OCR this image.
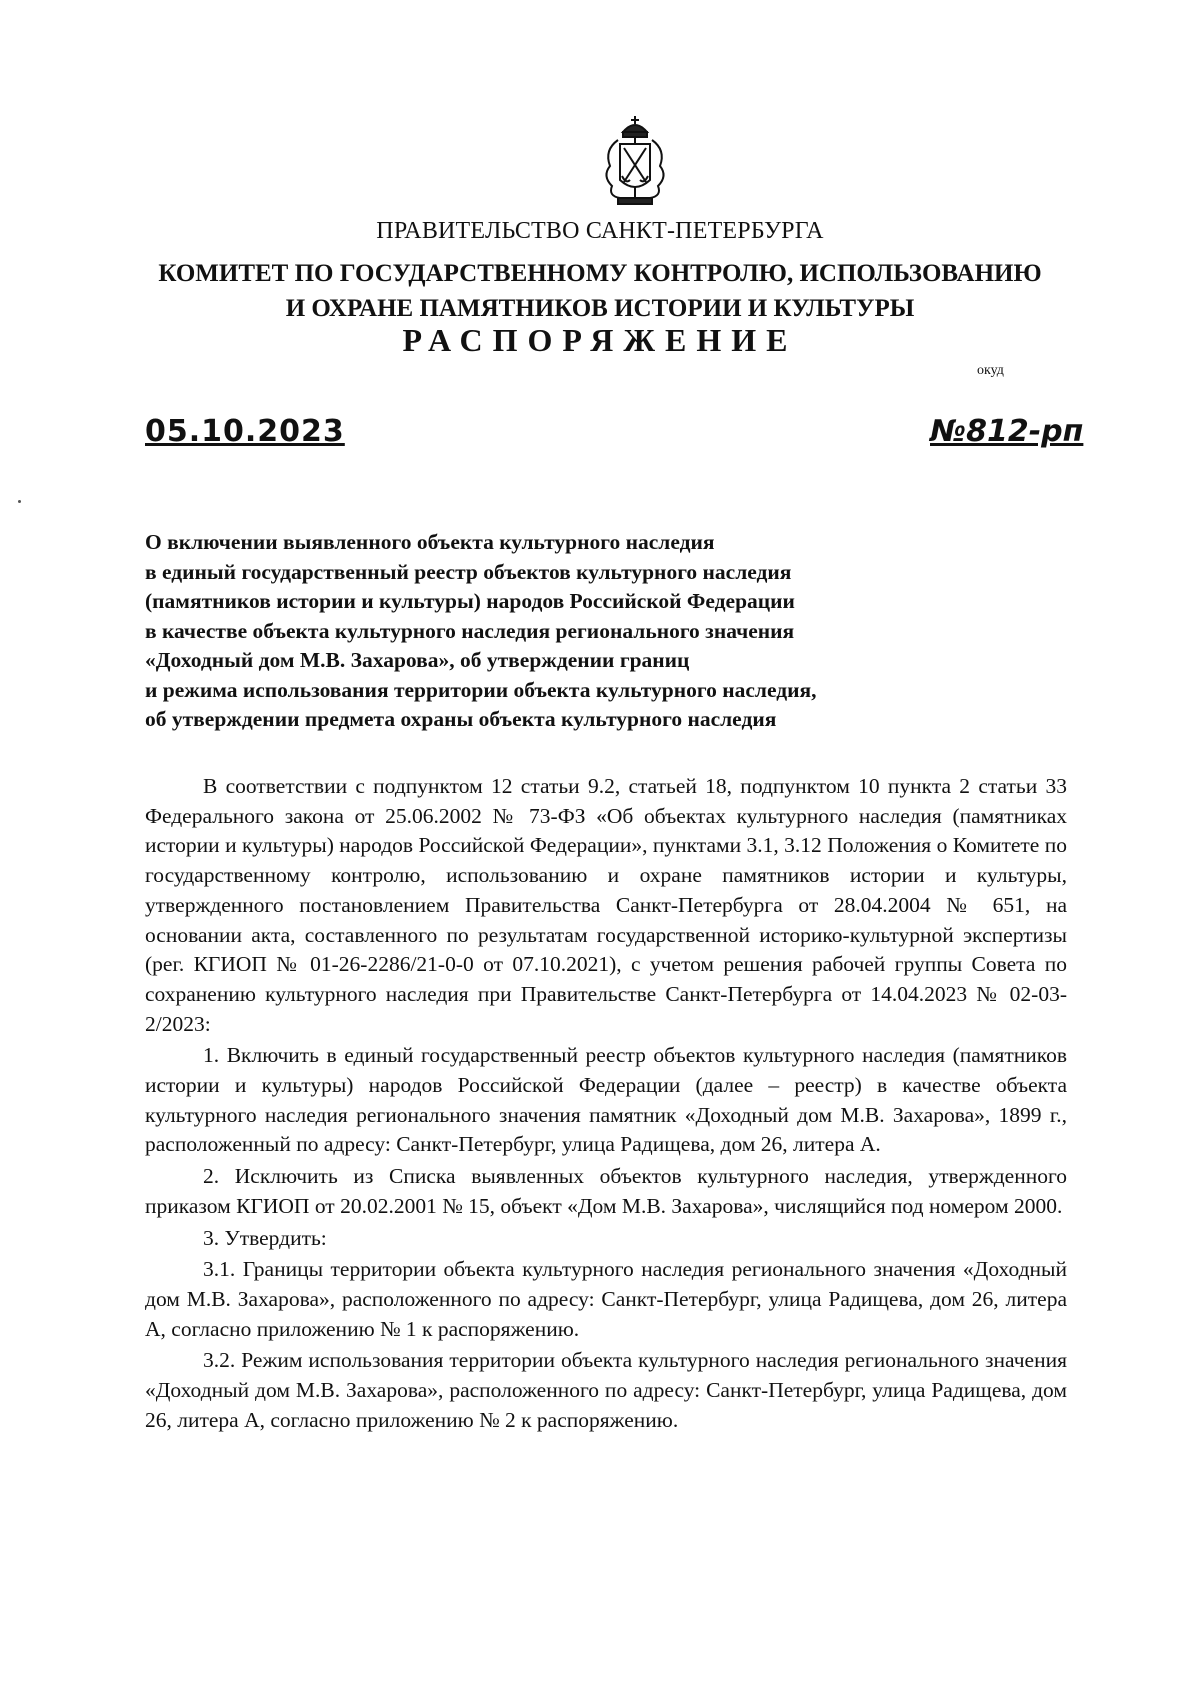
ПРАВИТЕЛЬСТВО САНКТ-ПЕТЕРБУРГА
КОМИТЕТ ПО ГОСУДАРСТВЕННОМУ КОНТРОЛЮ, ИСПОЛЬЗОВАНИЮ
И ОХРАНЕ ПАМЯТНИКОВ ИСТОРИИ И КУЛЬТУРЫ
РАСПОРЯЖЕНИЕ
окуд
05.10.2023	№812-рп
О включении выявленного объекта культурного наследия
в единый государственный реестр объектов культурного наследия
(памятников истории и культуры) народов Российской Федерации
в качестве объекта культурного наследия регионального значения
«Доходный дом М.В. Захарова», об утверждении границ
и режима использования территории объекта культурного наследия,
об утверждении предмета охраны объекта культурного наследия

В соответствии с подпунктом 12 статьи 9.2, статьей 18, подпунктом 10 пункта 2 статьи 33 Федерального закона от 25.06.2002 № 73-ФЗ «Об объектах культурного наследия (памятниках истории и культуры) народов Российской Федерации», пунктами 3.1, 3.12 Положения о Комитете по государственному контролю, использованию и охране памятников истории и культуры, утвержденного постановлением Правительства Санкт-Петербурга от 28.04.2004 № 651, на основании акта, составленного по результатам государственной историко-культурной экспертизы (рег. КГИОП № 01-26-2286/21-0-0 от 07.10.2021), с учетом решения рабочей группы Совета по сохранению культурного наследия при Правительстве Санкт-Петербурга от 14.04.2023 № 02-03-2/2023:

1. Включить в единый государственный реестр объектов культурного наследия (памятников истории и культуры) народов Российской Федерации (далее – реестр) в качестве объекта культурного наследия регионального значения памятник «Доходный дом М.В. Захарова», 1899 г., расположенный по адресу: Санкт-Петербург, улица Радищева, дом 26, литера А.

2. Исключить из Списка выявленных объектов культурного наследия, утвержденного приказом КГИОП от 20.02.2001 № 15, объект «Дом М.В. Захарова», числящийся под номером 2000.

3. Утвердить:

3.1. Границы территории объекта культурного наследия регионального значения «Доходный дом М.В. Захарова», расположенного по адресу: Санкт-Петербург, улица Радищева, дом 26, литера А, согласно приложению № 1 к распоряжению.

3.2. Режим использования территории объекта культурного наследия регионального значения «Доходный дом М.В. Захарова», расположенного по адресу: Санкт-Петербург, улица Радищева, дом 26, литера А, согласно приложению № 2 к распоряжению.
